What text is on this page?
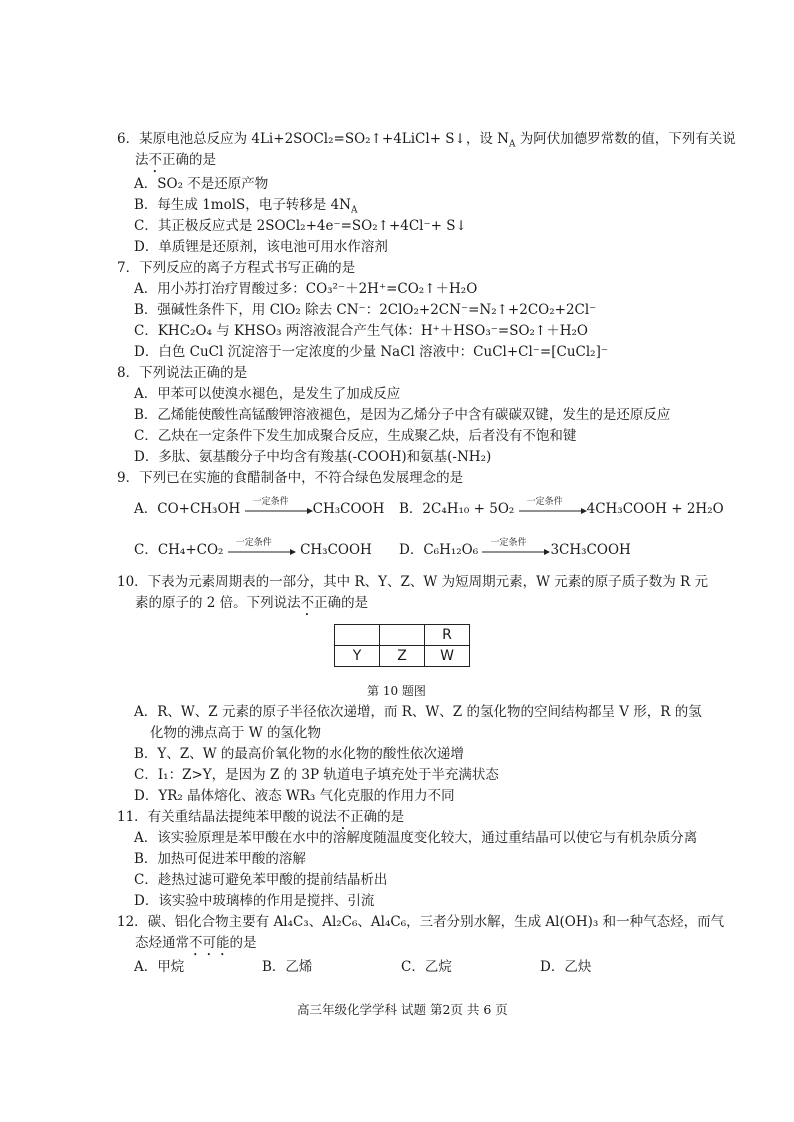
6．某原电池总反应为 4Li+2SOCl₂=SO₂↑+4LiCl+ S↓，设 $N_A$ 为阿伏加德罗常数的值，下列有关说
法不正确的是
A．SO₂ 不是还原产物
B．每生成 1molS，电子转移是 $4N_A$
C．其正极反应式是 2SOCl₂+4e⁻=SO₂↑+4Cl⁻+ S↓
D．单质锂是还原剂，该电池可用水作溶剂
7．下列反应的离子方程式书写正确的是
A．用小苏打治疗胃酸过多：CO₃²⁻＋2H⁺=CO₂↑＋H₂O
B．强碱性条件下，用 ClO₂ 除去 CN⁻：2ClO₂+2CN⁻=N₂↑+2CO₂+2Cl⁻
C．KHC₂O₄ 与 KHSO₃ 两溶液混合产生气体：H⁺＋HSO₃⁻=SO₂↑＋H₂O
D．白色 CuCl 沉淀溶于一定浓度的少量 NaCl 溶液中：CuCl+Cl⁻=[CuCl₂]⁻
8．下列说法正确的是
A．甲苯可以使溴水褪色，是发生了加成反应
B．乙烯能使酸性高锰酸钾溶液褪色，是因为乙烯分子中含有碳碳双键，发生的是还原反应
C．乙炔在一定条件下发生加成聚合反应，生成聚乙炔，后者没有不饱和键
D．多肽、氨基酸分子中均含有羧基(-COOH)和氨基(-NH₂)
9．下列已在实施的食醋制备中，不符合绿色发展理念的是
A．CO+CH₃OH 一定条件 CH₃COOH B．2C₄H₁₀ + 5O₂ 一定条件 4CH₃COOH + 2H₂O
C．CH₄+CO₂ 一定条件 CH₃COOH D．C₆H₁₂O₆ 一定条件 3CH₃COOH
10．下表为元素周期表的一部分，其中 R、Y、Z、W 为短周期元素，W 元素的原子质子数为 R 元
素的原子的 2 倍。下列说法不正确的是
		R
Y	Z	W
第 10 题图
A．R、W、Z 元素的原子半径依次递增，而 R、W、Z 的氢化物的空间结构都呈 V 形，R 的氢
化物的沸点高于 W 的氢化物
B．Y、Z、W 的最高价氧化物的水化物的酸性依次递增
C．I₁：Z>Y，是因为 Z 的 3P 轨道电子填充处于半充满状态
D．YR₂ 晶体熔化、液态 WR₃ 气化克服的作用力不同
11．有关重结晶法提纯苯甲酸的说法不正确的是
A．该实验原理是苯甲酸在水中的溶解度随温度变化较大，通过重结晶可以使它与有机杂质分离
B．加热可促进苯甲酸的溶解
C．趁热过滤可避免苯甲酸的提前结晶析出
D．该实验中玻璃棒的作用是搅拌、引流
12．碳、铝化合物主要有 Al₄C₃、Al₂C₆、Al₄C₆，三者分别水解，生成 Al(OH)₃ 和一种气态烃，而气
态烃通常不可能的是
A．甲烷	B．乙烯	C．乙烷	D．乙炔
高三年级化学学科 试题 第2页 共 6 页
